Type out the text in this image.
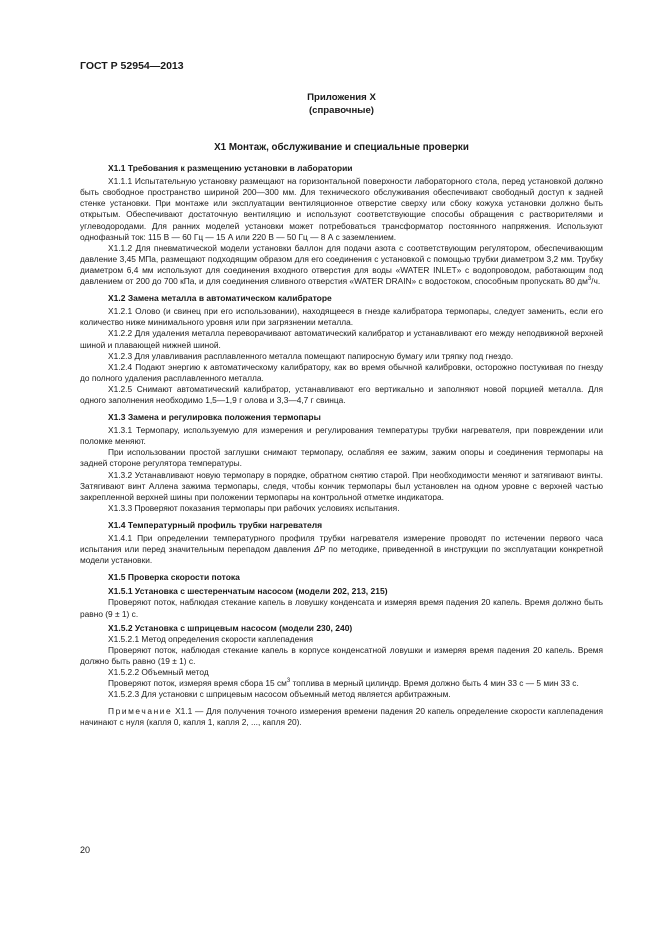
ГОСТ Р 52954—2013
Приложения X
(справочные)
X1 Монтаж, обслуживание и специальные проверки
X1.1 Требования к размещению установки в лаборатории

X1.1.1 Испытательную установку размещают на горизонтальной поверхности лабораторного стола, перед установкой должно быть свободное пространство шириной 200—300 мм. Для технического обслуживания обеспечивают свободный доступ к задней стенке установки. При монтаже или эксплуатации вентиляционное отверстие сверху или сбоку кожуха установки должно быть открытым. Обеспечивают достаточную вентиляцию и используют соответствующие способы обращения с растворителями и углеводородами. Для ранних моделей установки может потребоваться трансформатор постоянного напряжения. Используют однофазный ток: 115 В — 60 Гц — 15 А или 220 В — 50 Гц — 8 А с заземлением.

X1.1.2 Для пневматической модели установки баллон для подачи азота с соответствующим регулятором, обеспечивающим давление 3,45 МПа, размещают подходящим образом для его соединения с установкой с помощью трубки диаметром 3,2 мм. Трубку диаметром 6,4 мм используют для соединения входного отверстия для воды «WATER INLET» с водопроводом, работающим под давлением от 200 до 700 кПа, и для соединения сливного отверстия «WATER DRAIN» с водостоком, способным пропускать 80 $дм^3/ч$.

X1.2 Замена металла в автоматическом калибраторе

X1.2.1 Олово (и свинец при его использовании), находящееся в гнезде калибратора термопары, следует заменить, если его количество ниже минимального уровня или при загрязнении металла.

X1.2.2 Для удаления металла переворачивают автоматический калибратор и устанавливают его между неподвижной верхней шиной и плавающей нижней шиной.

X1.2.3 Для улавливания расплавленного металла помещают папиросную бумагу или тряпку под гнездо.

X1.2.4 Подают энергию к автоматическому калибратору, как во время обычной калибровки, осторожно постукивая по гнезду до полного удаления расплавленного металла.

X1.2.5 Снимают автоматический калибратор, устанавливают его вертикально и заполняют новой порцией металла. Для одного заполнения необходимо 1,5—1,9 г олова и 3,3—4,7 г свинца.

X1.3 Замена и регулировка положения термопары

X1.3.1 Термопару, используемую для измерения и регулирования температуры трубки нагревателя, при повреждении или поломке меняют.

При использовании простой заглушки снимают термопару, ослабляя ее зажим, зажим опоры и соединения термопары на задней стороне регулятора температуры.

X1.3.2 Устанавливают новую термопару в порядке, обратном снятию старой. При необходимости меняют и затягивают винты. Затягивают винт Аллена зажима термопары, следя, чтобы кончик термопары был установлен на одном уровне с верхней частью закрепленной верхней шины при положении термопары на контрольной отметке индикатора.

X1.3.3 Проверяют показания термопары при рабочих условиях испытания.

X1.4 Температурный профиль трубки нагревателя

X1.4.1 При определении температурного профиля трубки нагревателя измерение проводят по истечении первого часа испытания или перед значительным перепадом давления ΔP по методике, приведенной в инструкции по эксплуатации конкретной модели установки.

X1.5 Проверка скорости потока
X1.5.1 Установка с шестеренчатым насосом (модели 202, 213, 215)

Проверяют поток, наблюдая стекание капель в ловушку конденсата и измеряя время падения 20 капель. Время должно быть равно (9 ± 1) с.

X1.5.2 Установка с шприцевым насосом (модели 230, 240)

X1.5.2.1 Метод определения скорости каплепадения

Проверяют поток, наблюдая стекание капель в корпусе конденсатной ловушки и измеряя время падения 20 капель. Время должно быть равно (19 ± 1) с.

X1.5.2.2 Объемный метод

Проверяют поток, измеряя время сбора 15 $см^3$ топлива в мерный цилиндр. Время должно быть 4 мин 33 с — 5 мин 33 с.

X1.5.2.3 Для установки с шприцевым насосом объемный метод является арбитражным.

Примечание X1.1 — Для получения точного измерения времени падения 20 капель определение скорости каплепадения начинают с нуля (капля 0, капля 1, капля 2, ..., капля 20).

20
